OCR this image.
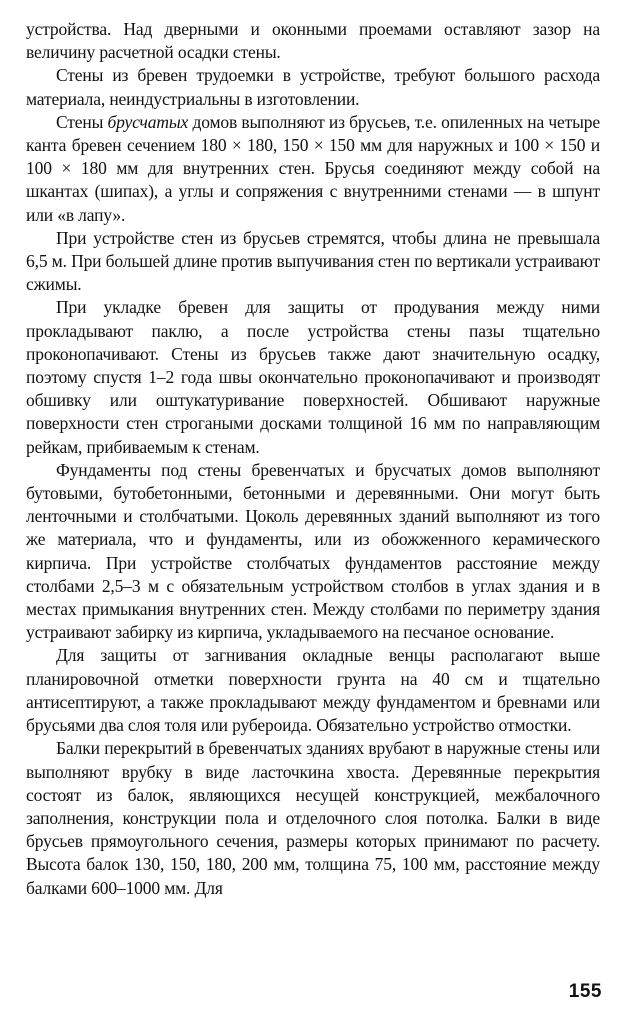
устройства. Над дверными и оконными проемами оставляют зазор на величину расчетной осадки стены.

Стены из бревен трудоемки в устройстве, требуют большого расхода материала, неиндустриальны в изготовлении.

Стены брусчатых домов выполняют из брусьев, т.е. опиленных на четыре канта бревен сечением 180 × 180, 150 × 150 мм для наружных и 100 × 150 и 100 × 180 мм для внутренних стен. Брусья соединяют между собой на шкантах (шипах), а углы и сопряжения с внутренними стенами — в шпунт или «в лапу».

При устройстве стен из брусьев стремятся, чтобы длина не превышала 6,5 м. При большей длине против выпучивания стен по вертикали устраивают сжимы.

При укладке бревен для защиты от продувания между ними прокладывают паклю, а после устройства стены пазы тщательно проконопачивают. Стены из брусьев также дают значительную осадку, поэтому спустя 1–2 года швы окончательно проконопачивают и производят обшивку или оштукатуривание поверхностей. Обшивают наружные поверхности стен строгаными досками толщиной 16 мм по направляющим рейкам, прибиваемым к стенам.

Фундаменты под стены бревенчатых и брусчатых домов выполняют бутовыми, бутобетонными, бетонными и деревянными. Они могут быть ленточными и столбчатыми. Цоколь деревянных зданий выполняют из того же материала, что и фундаменты, или из обожженного керамического кирпича. При устройстве столбчатых фундаментов расстояние между столбами 2,5–3 м с обязательным устройством столбов в углах здания и в местах примыкания внутренних стен. Между столбами по периметру здания устраивают забирку из кирпича, укладываемого на песчаное основание.

Для защиты от загнивания окладные венцы располагают выше планировочной отметки поверхности грунта на 40 см и тщательно антисептируют, а также прокладывают между фундаментом и бревнами или брусьями два слоя толя или рубероида. Обязательно устройство отмостки.

Балки перекрытий в бревенчатых зданиях врубают в наружные стены или выполняют врубку в виде ласточкина хвоста. Деревянные перекрытия состоят из балок, являющихся несущей конструкцией, межбалочного заполнения, конструкции пола и отделочного слоя потолка. Балки в виде брусьев прямоугольного сечения, размеры которых принимают по расчету. Высота балок 130, 150, 180, 200 мм, толщина 75, 100 мм, расстояние между балками 600–1000 мм. Для

155
